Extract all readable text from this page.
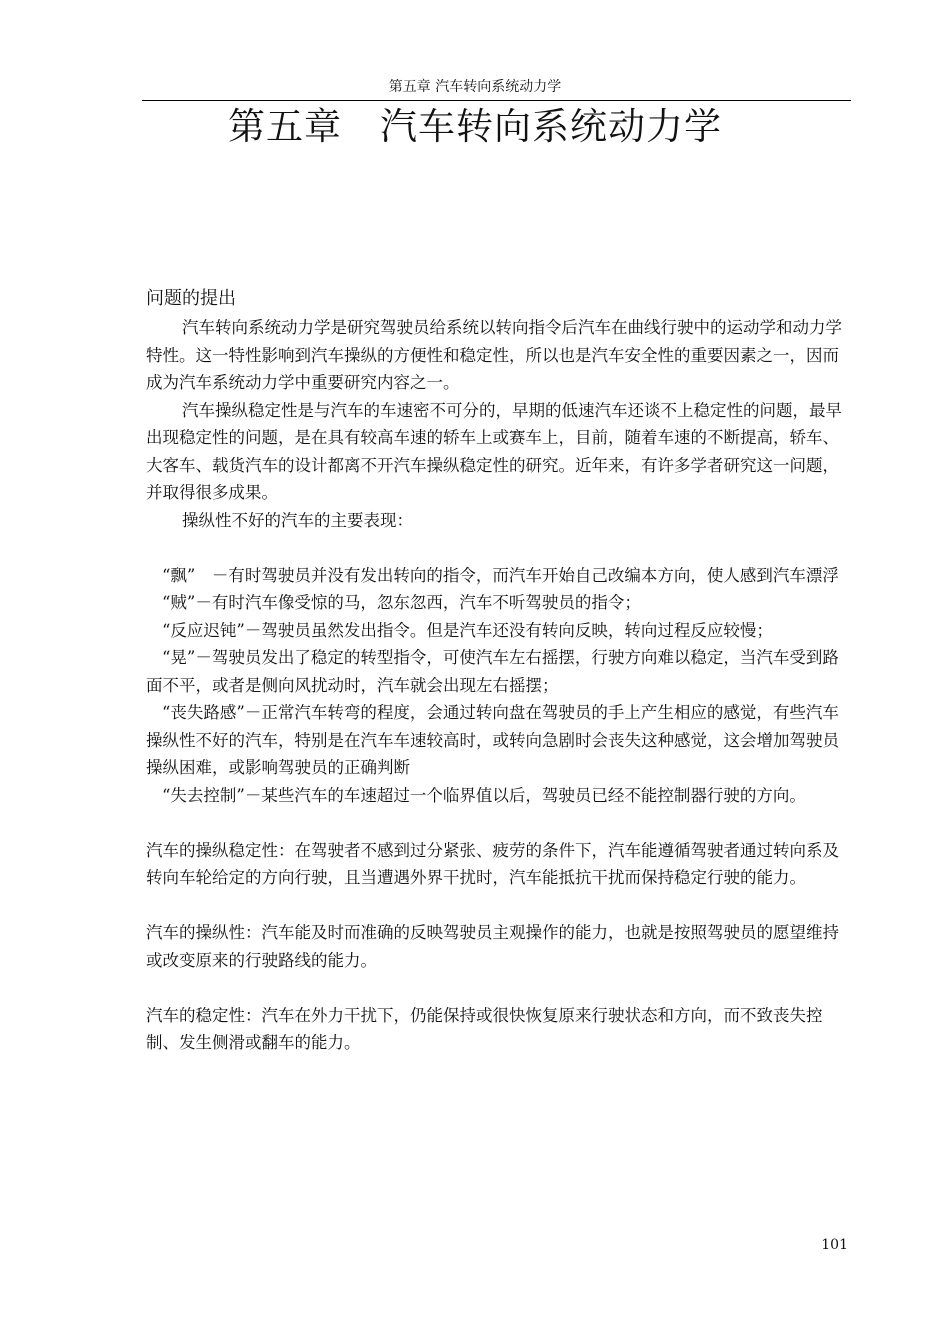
第五章 汽车转向系统动力学
第五章　汽车转向系统动力学

问题的提出

汽车转向系统动力学是研究驾驶员给系统以转向指令后汽车在曲线行驶中的运动学和动力学特性。这一特性影响到汽车操纵的方便性和稳定性，所以也是汽车安全性的重要因素之一，因而成为汽车系统动力学中重要研究内容之一。

汽车操纵稳定性是与汽车的车速密不可分的，早期的低速汽车还谈不上稳定性的问题，最早出现稳定性的问题，是在具有较高车速的轿车上或赛车上，目前，随着车速的不断提高，轿车、大客车、载货汽车的设计都离不开汽车操纵稳定性的研究。近年来，有许多学者研究这一问题，并取得很多成果。

操纵性不好的汽车的主要表现：

“飘”　－有时驾驶员并没有发出转向的指令，而汽车开始自己改编本方向，使人感到汽车漂浮

“贼”－有时汽车像受惊的马，忽东忽西，汽车不听驾驶员的指令；

“反应迟钝”－驾驶员虽然发出指令。但是汽车还没有转向反映，转向过程反应较慢；

“晃”－驾驶员发出了稳定的转型指令，可使汽车左右摇摆，行驶方向难以稳定，当汽车受到路面不平，或者是侧向风扰动时，汽车就会出现左右摇摆；

“丧失路感”－正常汽车转弯的程度，会通过转向盘在驾驶员的手上产生相应的感觉，有些汽车操纵性不好的汽车，特别是在汽车车速较高时，或转向急剧时会丧失这种感觉，这会增加驾驶员操纵困难，或影响驾驶员的正确判断

“失去控制”－某些汽车的车速超过一个临界值以后，驾驶员已经不能控制器行驶的方向。

汽车的操纵稳定性：在驾驶者不感到过分紧张、疲劳的条件下，汽车能遵循驾驶者通过转向系及转向车轮给定的方向行驶，且当遭遇外界干扰时，汽车能抵抗干扰而保持稳定行驶的能力。

汽车的操纵性：汽车能及时而准确的反映驾驶员主观操作的能力，也就是按照驾驶员的愿望维持或改变原来的行驶路线的能力。

汽车的稳定性：汽车在外力干扰下，仍能保持或很快恢复原来行驶状态和方向，而不致丧失控制、发生侧滑或翻车的能力。

101
